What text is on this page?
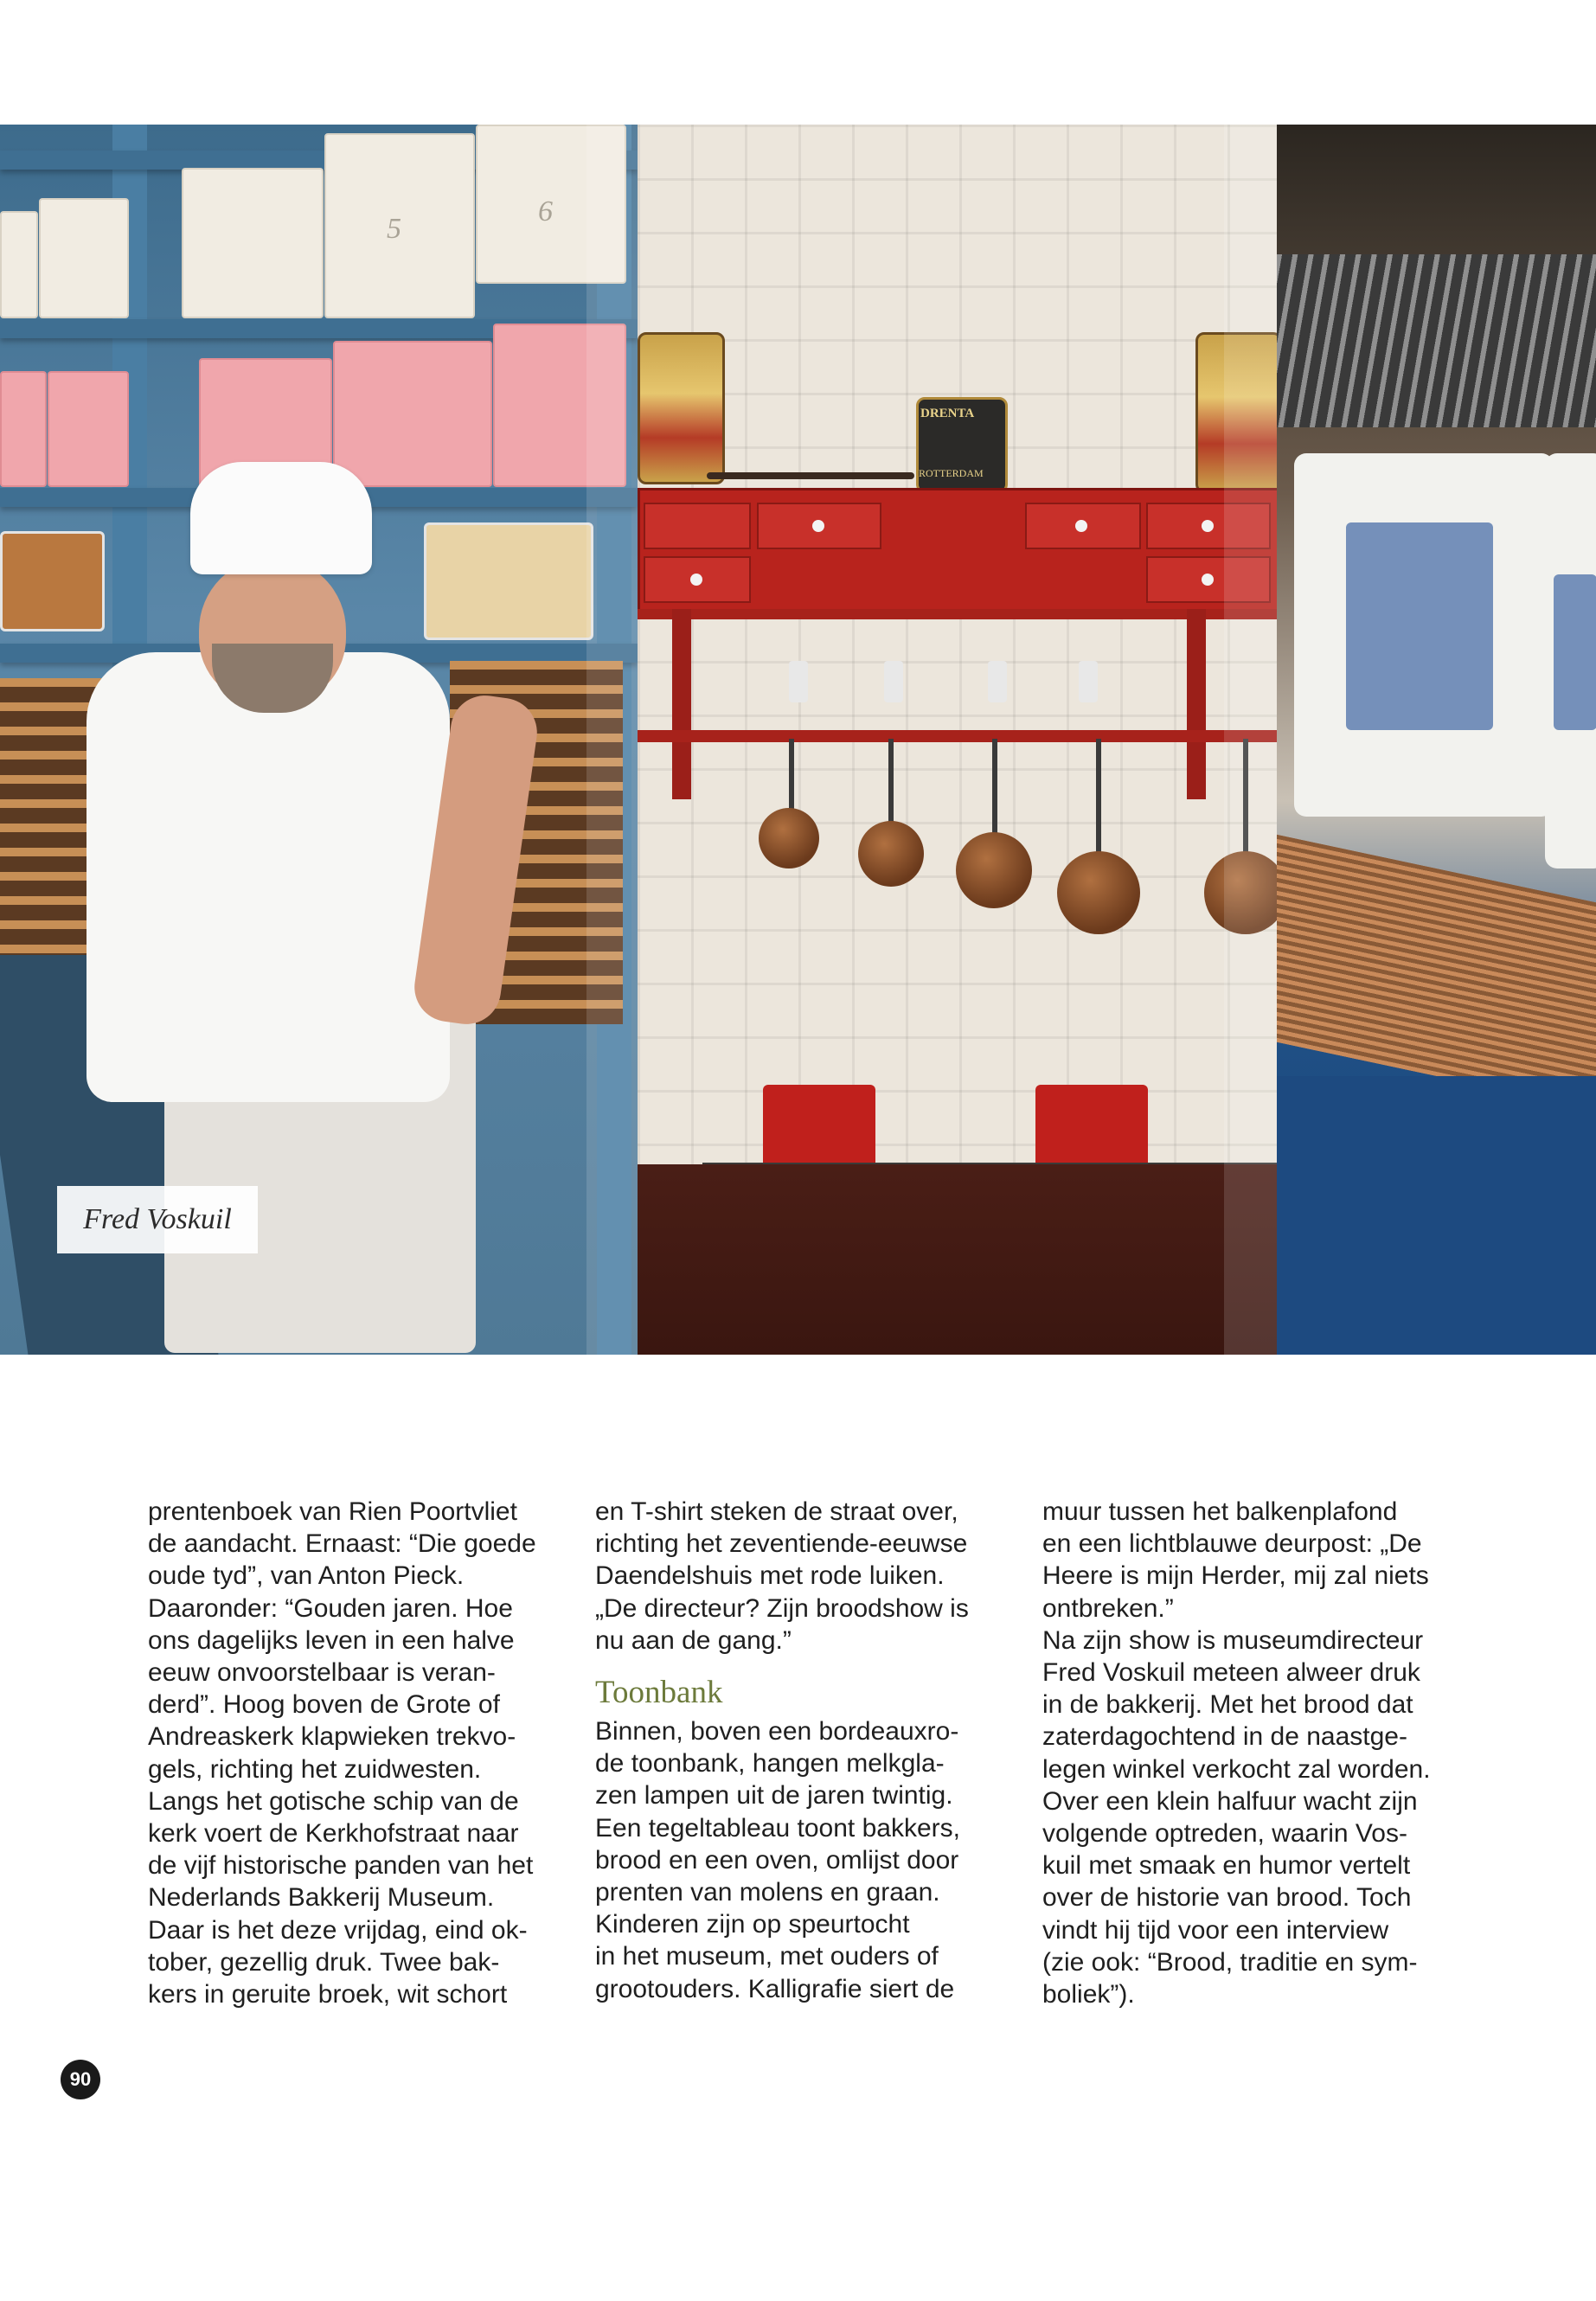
5
6
Fred Voskuil
DRENTA
ROTTERDAM

prentenboek van Rien Poortvliet
de aandacht. Ernaast: “Die goede
oude tyd”, van Anton Pieck.
Daaronder: “Gouden jaren. Hoe
ons dagelijks leven in een halve
eeuw onvoorstelbaar is veran-
derd”. Hoog boven de Grote of
Andreaskerk klapwieken trekvo-
gels, richting het zuidwesten.
Langs het gotische schip van de
kerk voert de Kerkhofstraat naar
de vijf historische panden van het
Nederlands Bakkerij Museum.
Daar is het deze vrijdag, eind ok-
tober, gezellig druk. Twee bak-
kers in geruite broek, wit schort

en T-shirt steken de straat over,
richting het zeventiende-eeuwse
Daendelshuis met rode luiken.
„De directeur? Zijn broodshow is
nu aan de gang.”

Toonbank

Binnen, boven een bordeauxro-
de toonbank, hangen melkgla-
zen lampen uit de jaren twintig.
Een tegeltableau toont bakkers,
brood en een oven, omlijst door
prenten van molens en graan.
Kinderen zijn op speurtocht
in het museum, met ouders of
grootouders. Kalligrafie siert de

muur tussen het balkenplafond
en een lichtblauwe deurpost: „De
Heere is mijn Herder, mij zal niets
ontbreken.”
Na zijn show is museumdirecteur
Fred Voskuil meteen alweer druk
in de bakkerij. Met het brood dat
zaterdagochtend in de naastge-
legen winkel verkocht zal worden.
Over een klein halfuur wacht zijn
volgende optreden, waarin Vos-
kuil met smaak en humor vertelt
over de historie van brood. Toch
vindt hij tijd voor een interview
(zie ook: “Brood, traditie en sym-
boliek”).

90
